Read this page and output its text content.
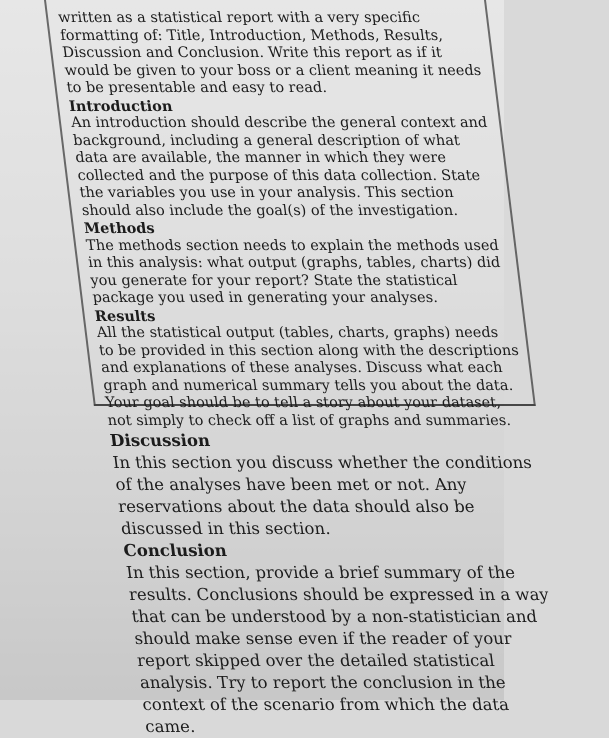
written as a statistical report with a very specific formatting of: Title, Introduction, Methods, Results, Discussion and Conclusion. Write this report as if it would be given to your boss or a client meaning it needs to be presentable and easy to read.

Introduction

An introduction should describe the general context and background, including a general description of what data are available, the manner in which they were collected and the purpose of this data collection. State the variables you use in your analysis. This section should also include the goal(s) of the investigation.

Methods

The methods section needs to explain the methods used in this analysis: what output (graphs, tables, charts) did you generate for your report? State the statistical package you used in generating your analyses.

Results

All the statistical output (tables, charts, graphs) needs to be provided in this section along with the descriptions and explanations of these analyses. Discuss what each graph and numerical summary tells you about the data. Your goal should be to tell a story about your dataset, not simply to check off a list of graphs and summaries.

Discussion

In this section you discuss whether the conditions of the analyses have been met or not. Any reservations about the data should also be discussed in this section.

Conclusion

In this section, provide a brief summary of the results. Conclusions should be expressed in a way that can be understood by a non-statistician and should make sense even if the reader of your report skipped over the detailed statistical analysis. Try to report the conclusion in the context of the scenario from which the data came.
